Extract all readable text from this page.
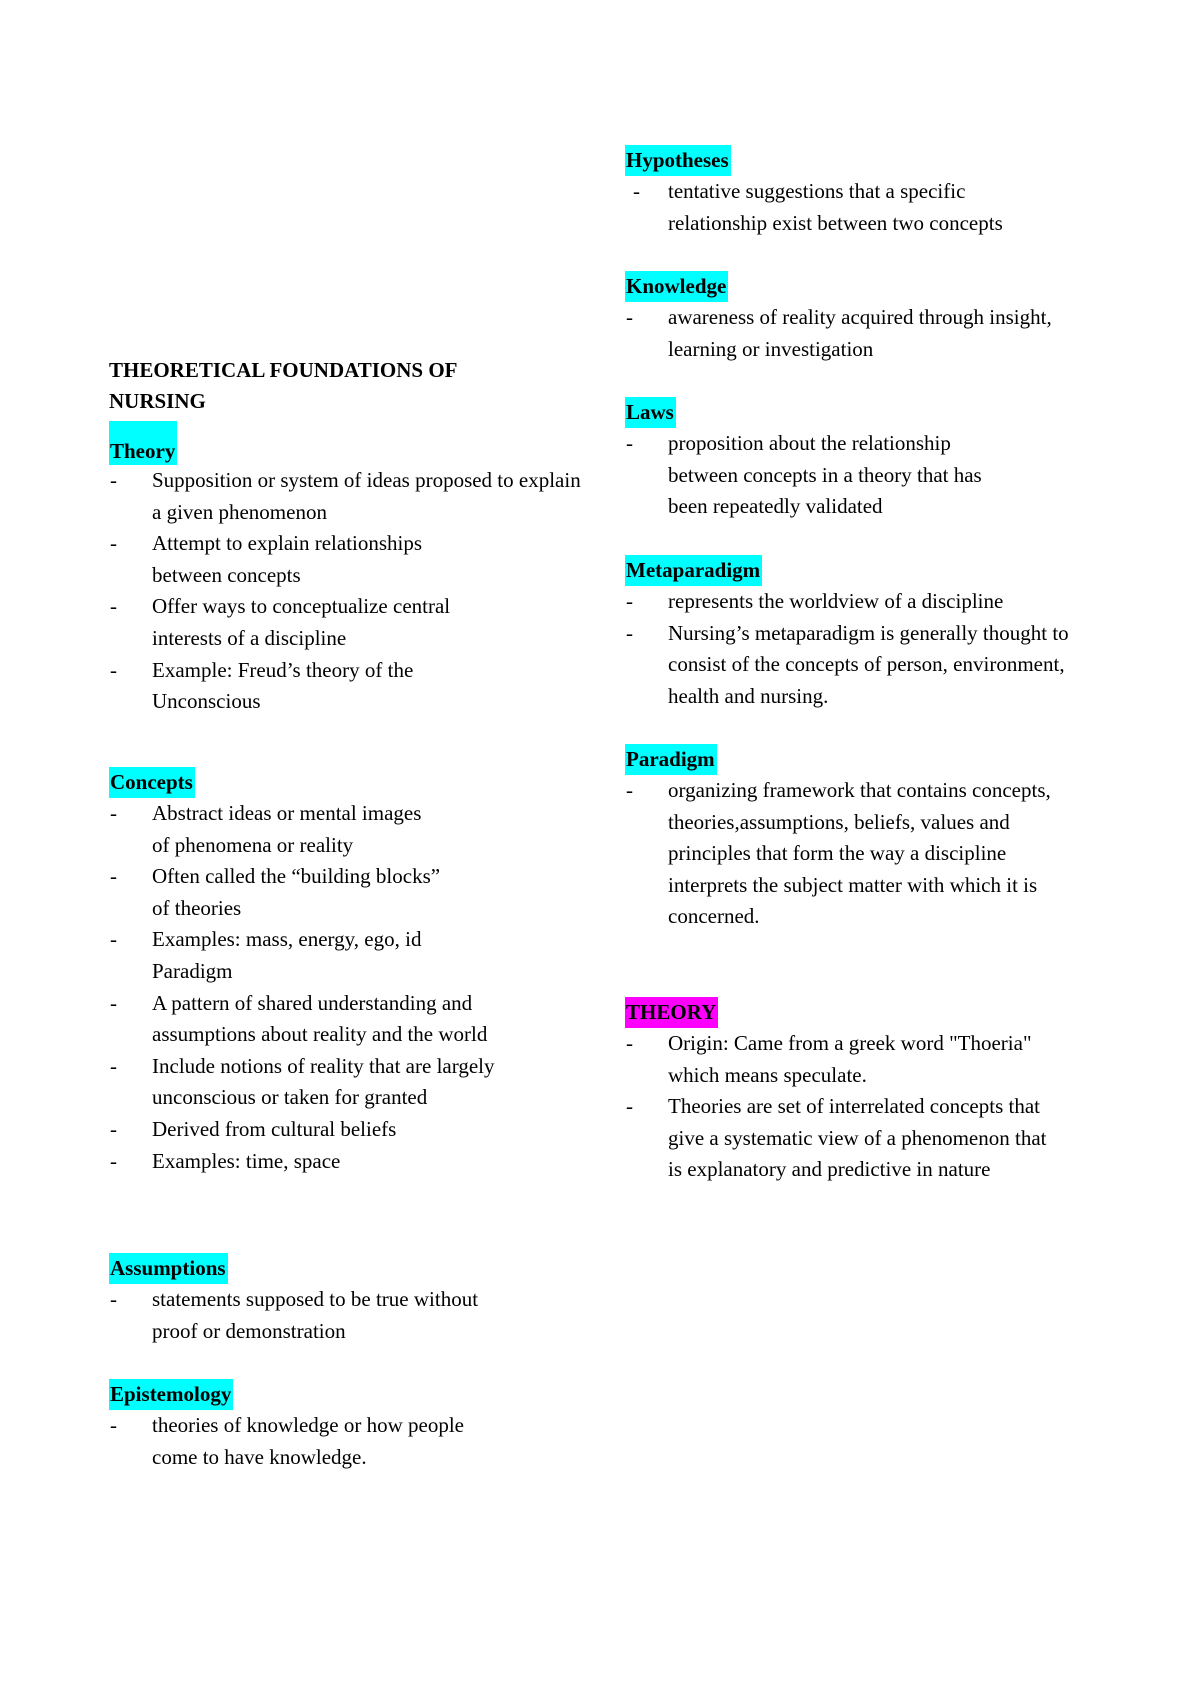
THEORETICAL FOUNDATIONS OF NURSING
Theory
-	Supposition or system of ideas proposed to explain a given phenomenon
-	Attempt to explain relationships between concepts
-	Offer ways to conceptualize central interests of a discipline
-	Example: Freud’s theory of the Unconscious
Concepts
-	Abstract ideas or mental images of phenomena or reality
-	Often called the “building blocks” of theories
-	Examples: mass, energy, ego, id Paradigm
-	A pattern of shared understanding and assumptions about reality and the world
-	Include notions of reality that are largely unconscious or taken for granted
-	Derived from cultural beliefs
-	Examples: time, space
Assumptions
-	statements supposed to be true without proof or demonstration
Epistemology
-	theories of knowledge or how people come to have knowledge.
Hypotheses
-	tentative suggestions that a specific relationship exist between two concepts
Knowledge
-	awareness of reality acquired through insight, learning or investigation
Laws
-	proposition about the relationship between concepts in a theory that has been repeatedly validated
Metaparadigm
-	represents the worldview of a discipline
-	Nursing’s metaparadigm is generally thought to consist of the concepts of person, environment, health and nursing.
Paradigm
-	organizing framework that contains concepts, theories,assumptions, beliefs, values and principles that form the way a discipline interprets the subject matter with which it is concerned.
THEORY
-	Origin: Came from a greek word "Thoeria" which means speculate.
-	Theories are set of interrelated concepts that give a systematic view of a phenomenon that is explanatory and predictive in nature
